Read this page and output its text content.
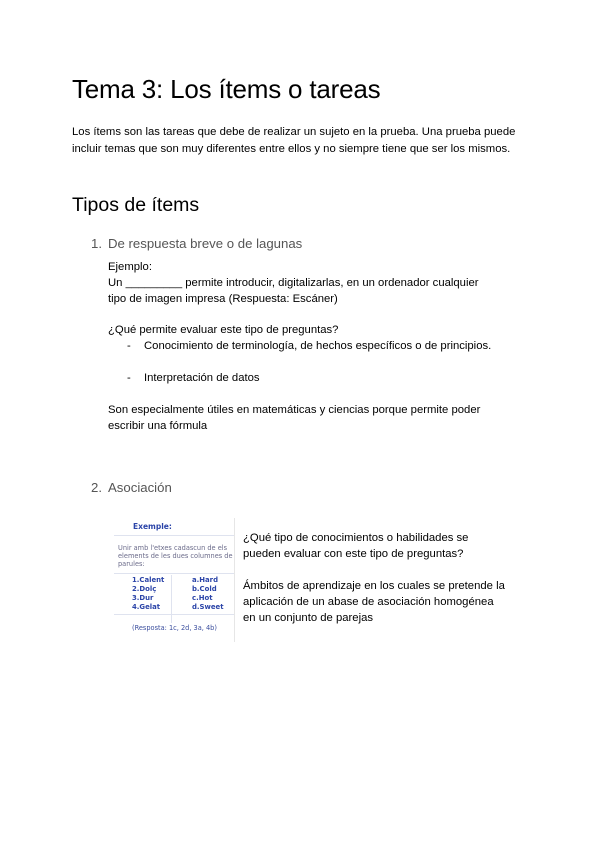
Tema 3: Los ítems o tareas

Los ítems son las tareas que debe de realizar un sujeto en la prueba. Una prueba puede incluir temas que son muy diferentes entre ellos y no siempre tiene que ser los mismos.

Tipos de ítems
1. De respuesta breve o de lagunas

Ejemplo:

Un _________ permite introducir, digitalizarlas, en un ordenador cualquier

tipo de imagen impresa (Respuesta: Escáner)

¿Qué permite evaluar este tipo de preguntas?

- Conocimiento de terminología, de hechos específicos o de principios.
- Interpretación de datos

Son especialmente útiles en matemáticas y ciencias porque permite poder

escribir una fórmula

2. Asociación
Exemple:
Unir amb l'etxes cadascun de els elements de les dues columnes de parules:
1.Calent
2.Dolç
3.Dur
4.Gelat
a.Hard
b.Cold
c.Hot
d.Sweet
(Resposta: 1c, 2d, 3a, 4b)

¿Qué tipo de conocimientos o habilidades se pueden evaluar con este tipo de preguntas?

Ámbitos de aprendizaje en los cuales se pretende la aplicación de un abase de asociación homogénea en un conjunto de parejas
